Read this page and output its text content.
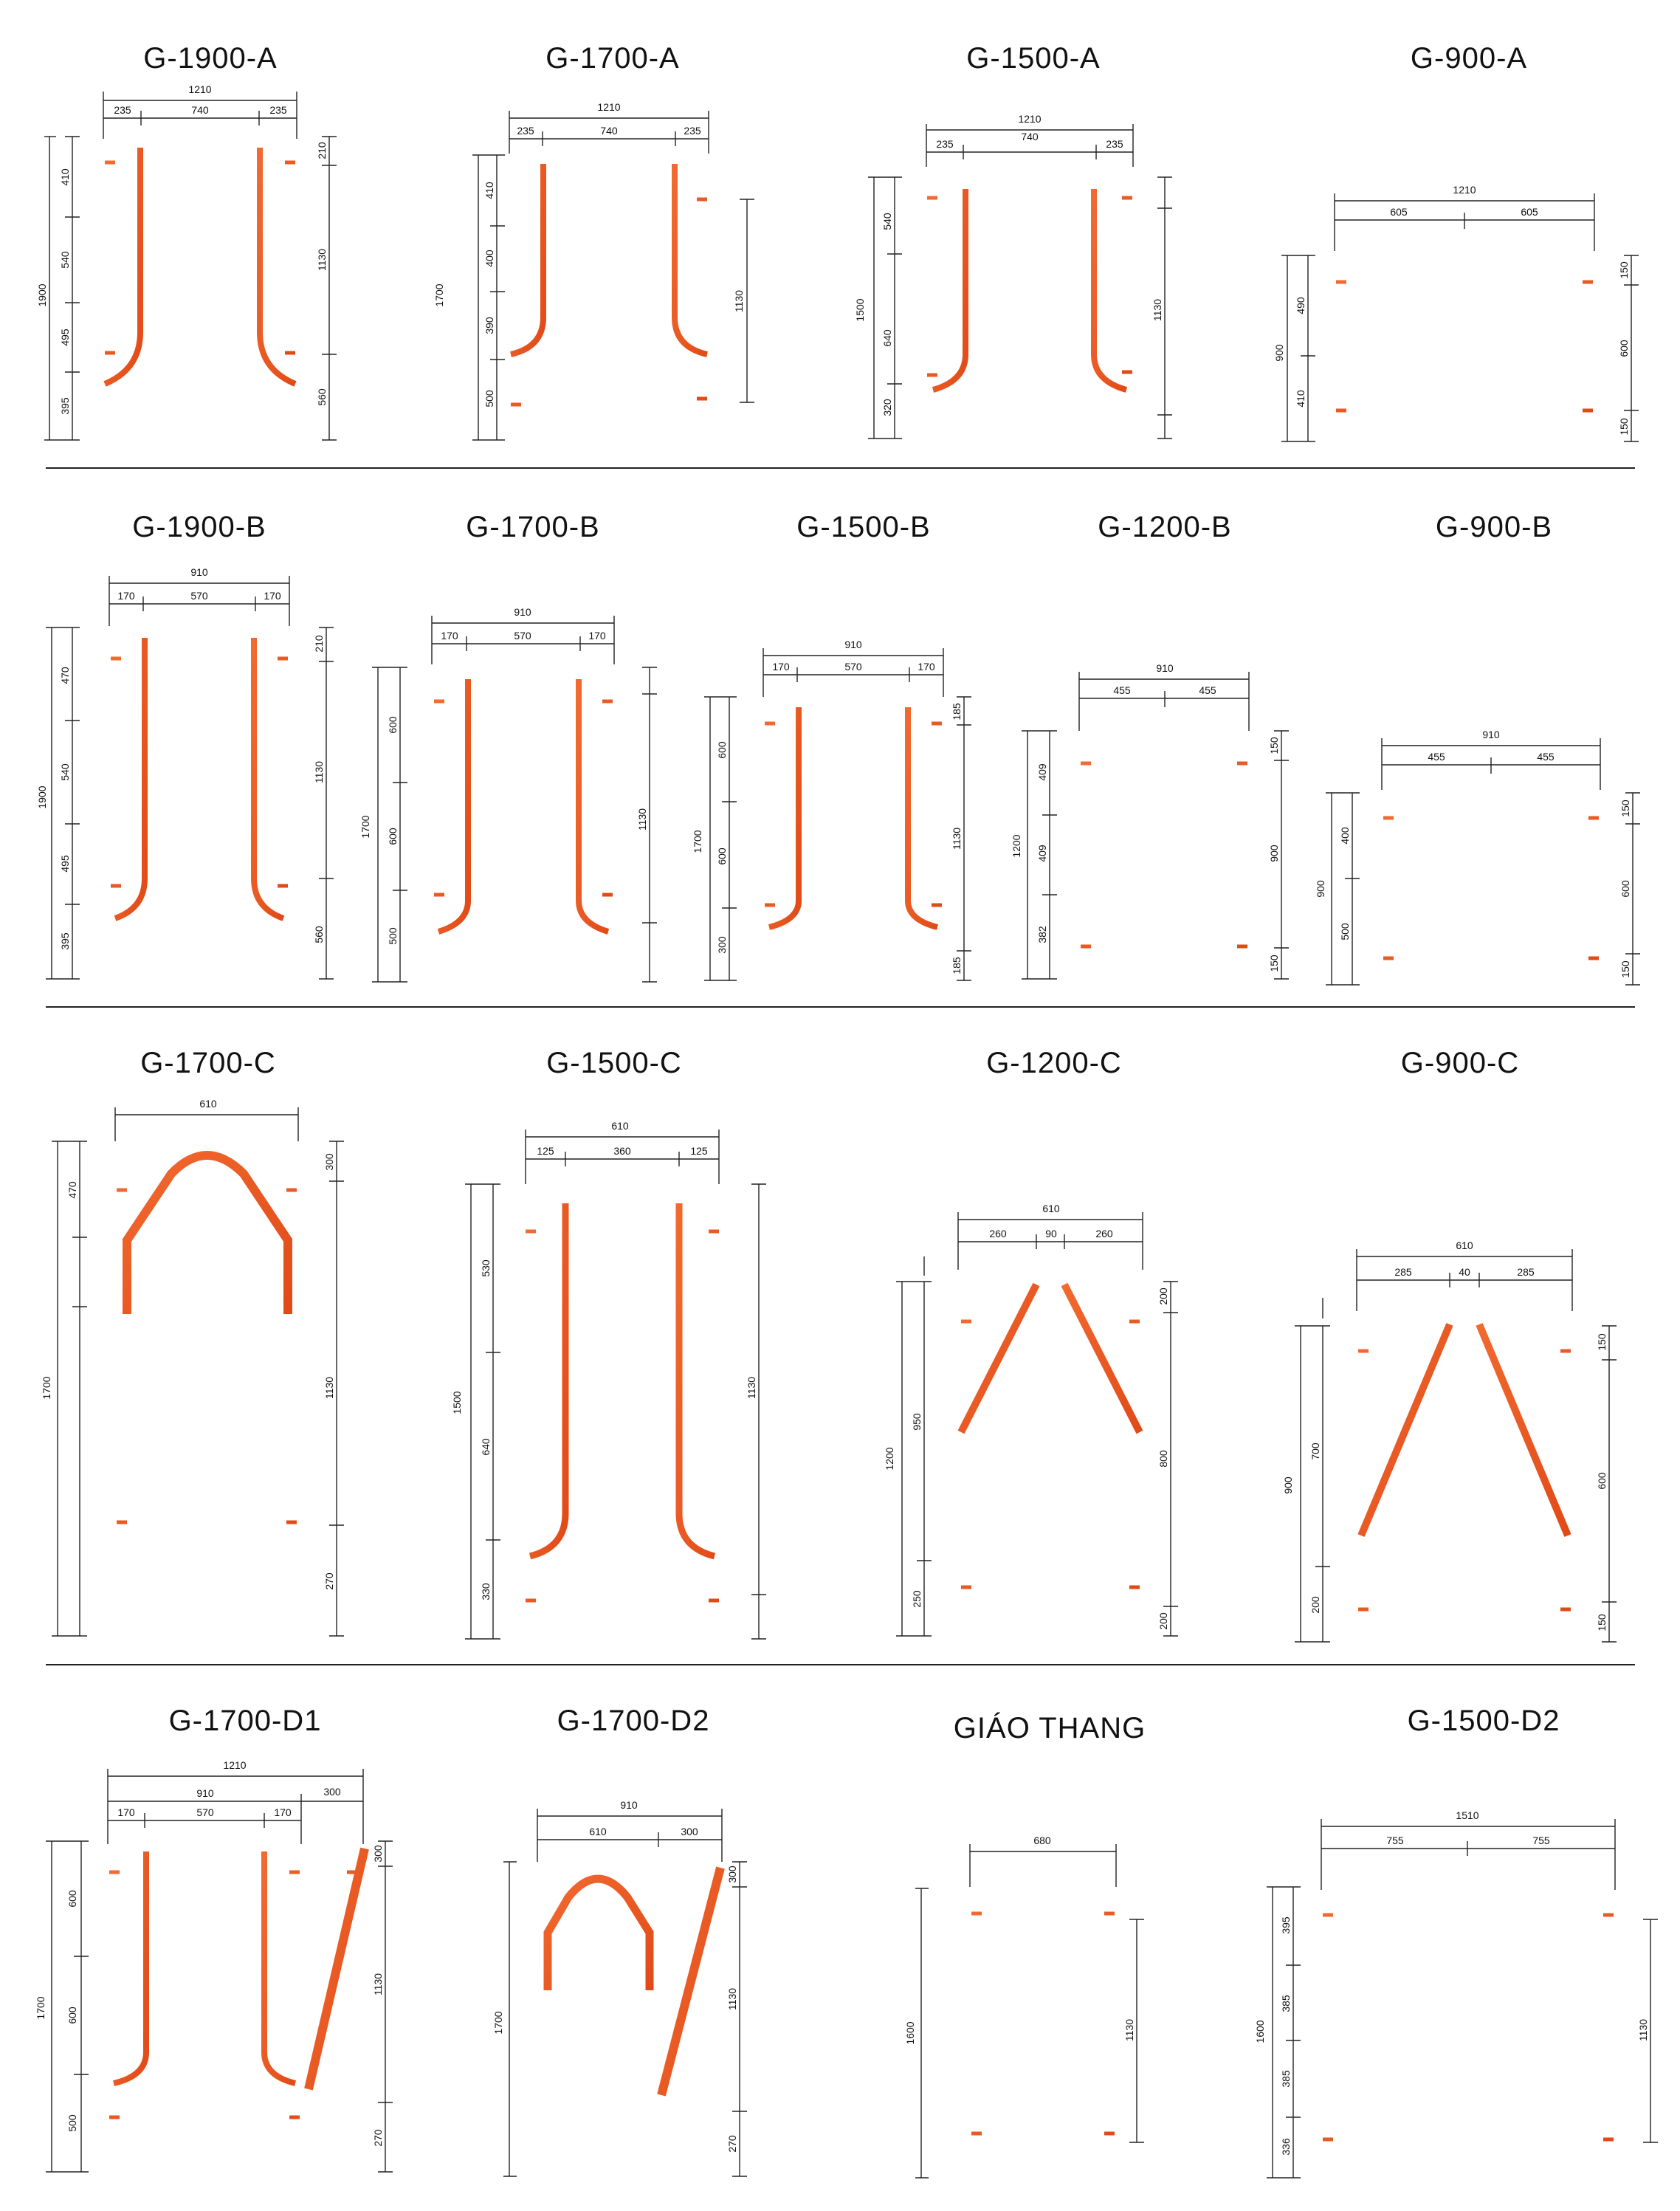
G-1900-A
1210
235	740	235
410
540
495
395
1900
210
1130
560
G-1700-A
1210
235	740	235
410
400
390
500
1700	1130
G-1500-A
1210
235
740
235
540
640
320
1500	1130
G-900-A
1210
605	605
490
410
900
150
600
150
G-1900-B
910
170	570	170
470
540
495
395
1900
210
1130
560
G-1700-B
910
170	570	170
600
600
500
1700	1130
G-1500-B
910
170	570	170
600
600
300
1700
185
1130
185
G-1200-B
910
455	455
409
409
382
1200
150
900
150
G-900-B
910
455	455
400
500
900
150
600
150
G-1700-C
610
470
1700
300
1130
270
G-1500-C
610
125	360	125
530
640
330
1500
1130
G-1200-C
610
260	90	260
950
250
1200
200
800
200
G-900-C
610
285	40	285
700
200
900
150
600
150
G-1700-D1
1210
910	300
170	570	170
600
600
500
1700
300
1130
270
G-1700-D2
910
610	300
1700
300
1130
270
GIÁO THANG
680
1600	1130
G-1500-D2
1510
755	755
395
385
385
336
1600	1130
